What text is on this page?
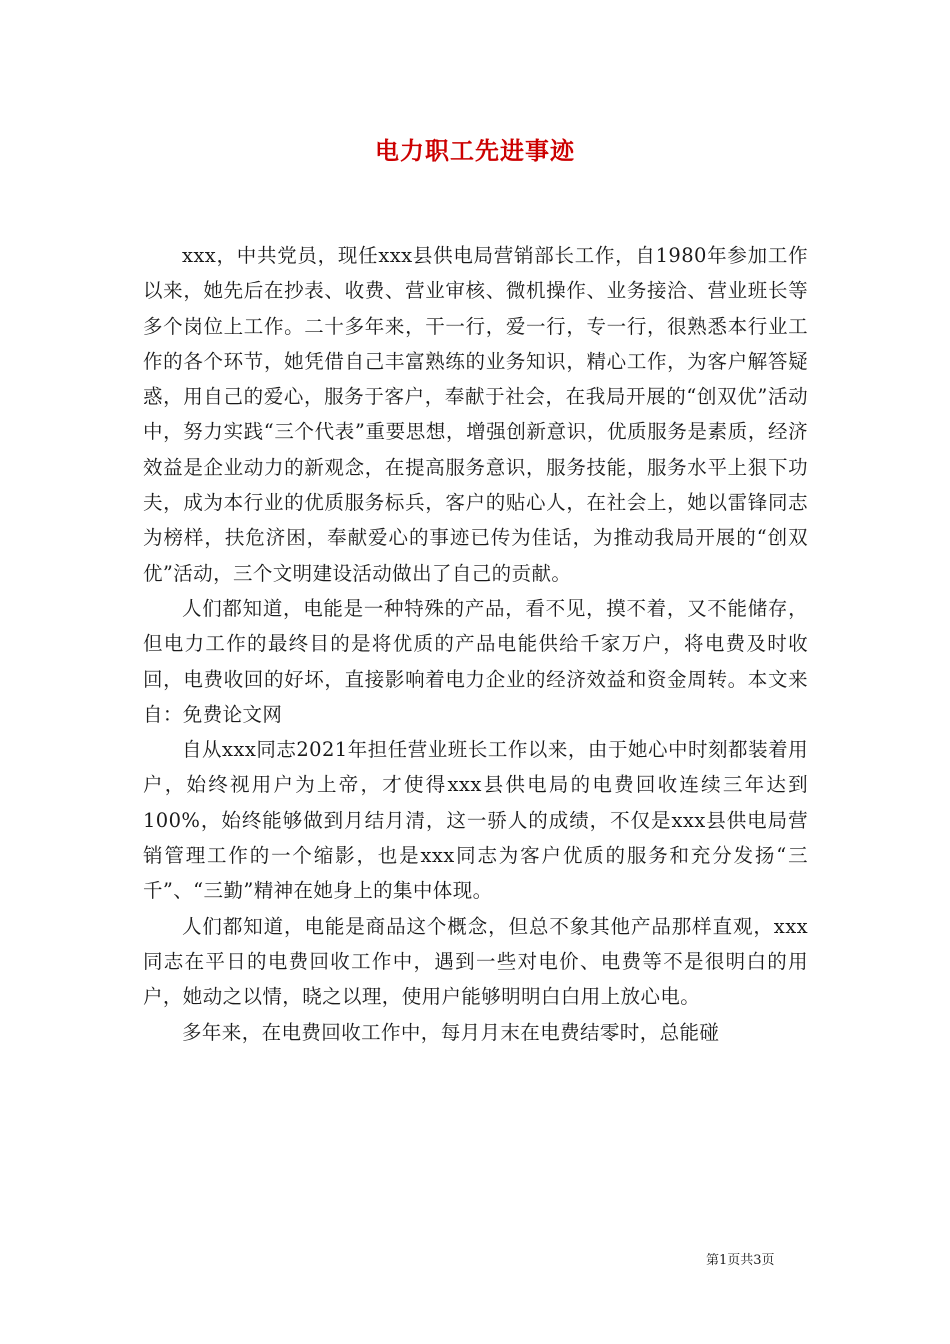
电力职工先进事迹

xxx，中共党员，现任xxx县供电局营销部长工作，自1980年参加工作以来，她先后在抄表、收费、营业审核、微机操作、业务接洽、营业班长等多个岗位上工作。二十多年来，干一行，爱一行，专一行，很熟悉本行业工作的各个环节，她凭借自己丰富熟练的业务知识，精心工作，为客户解答疑惑，用自己的爱心，服务于客户，奉献于社会，在我局开展的“创双优”活动中，努力实践“三个代表”重要思想，增强创新意识，优质服务是素质，经济效益是企业动力的新观念，在提高服务意识，服务技能，服务水平上狠下功夫，成为本行业的优质服务标兵，客户的贴心人，在社会上，她以雷锋同志为榜样，扶危济困，奉献爱心的事迹已传为佳话，为推动我局开展的“创双优”活动，三个文明建设活动做出了自己的贡献。

人们都知道，电能是一种特殊的产品，看不见，摸不着，又不能储存，但电力工作的最终目的是将优质的产品电能供给千家万户，将电费及时收回，电费收回的好坏，直接影响着电力企业的经济效益和资金周转。本文来自：免费论文网

自从xxx同志2021年担任营业班长工作以来，由于她心中时刻都装着用户，始终视用户为上帝，才使得xxx县供电局的电费回收连续三年达到100%，始终能够做到月结月清，这一骄人的成绩，不仅是xxx县供电局营销管理工作的一个缩影，也是xxx同志为客户优质的服务和充分发扬“三千”、“三勤”精神在她身上的集中体现。

人们都知道，电能是商品这个概念，但总不象其他产品那样直观，xxx同志在平日的电费回收工作中，遇到一些对电价、电费等不是很明白的用户，她动之以情，晓之以理，使用户能够明明白白用上放心电。

多年来，在电费回收工作中，每月月末在电费结零时，总能碰

第1页共3页
